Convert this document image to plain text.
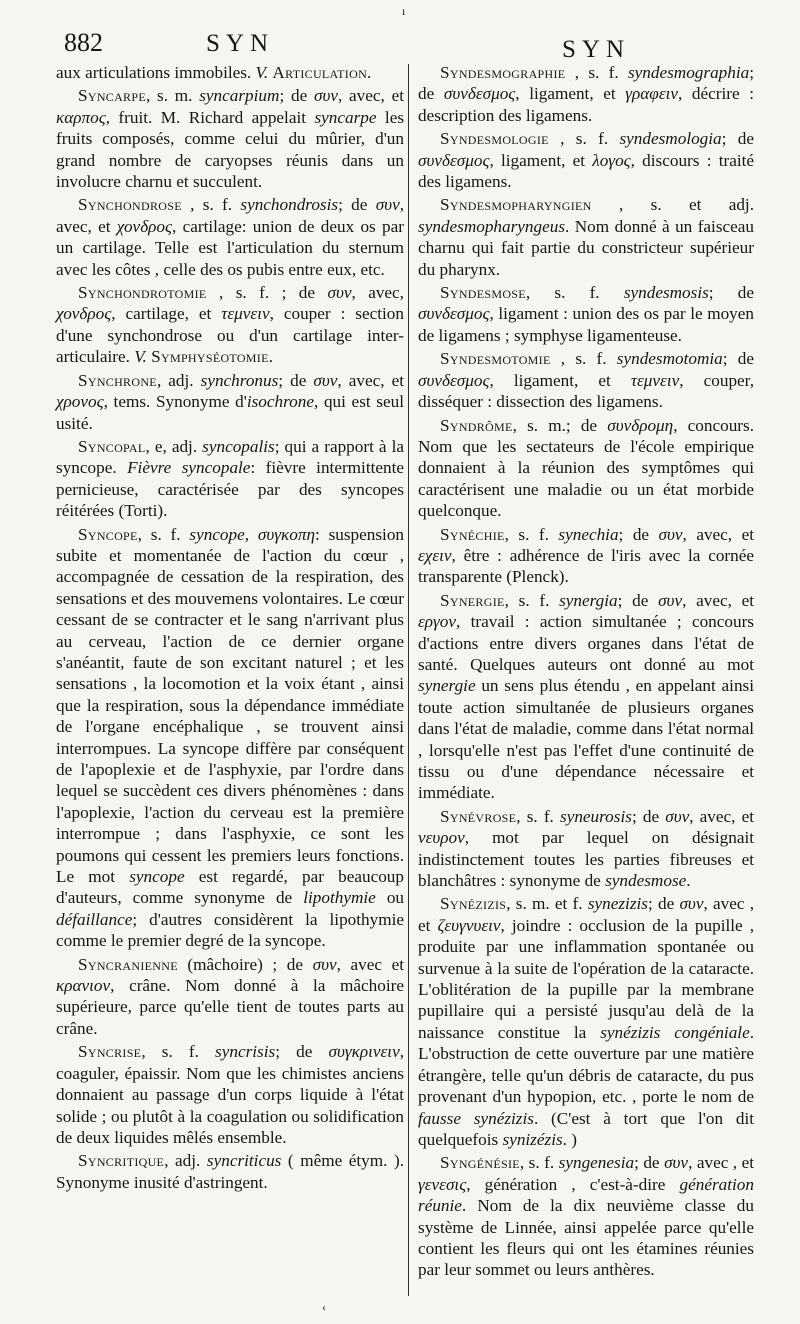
ı
882	SYN	SYN

aux articulations immobiles. V. Articulation.

Syncarpe, s. m. syncarpium; de συν, avec, et καρπος, fruit. M. Richard appelait syncarpe les fruits composés, comme celui du mûrier, d'un grand nombre de caryopses réunis dans un involucre charnu et succulent.

Synchondrose , s. f. synchondrosis; de συν, avec, et χονδρος, cartilage: union de deux os par un cartilage. Telle est l'articulation du sternum avec les côtes , celle des os pubis entre eux, etc.

Synchondrotomie , s. f. ; de συν, avec, χονδρος, cartilage, et τεμνειν, couper : section d'une synchondrose ou d'un cartilage inter-articulaire. V. Symphyséotomie.

Synchrone, adj. synchronus; de συν, avec, et χρονος, tems. Synonyme d'isochrone, qui est seul usité.

Syncopal, e, adj. syncopalis; qui a rapport à la syncope. Fièvre syncopale: fièvre intermittente pernicieuse, caractérisée par des syncopes réitérées (Torti).

Syncope, s. f. syncope, συγκοπη: suspension subite et momentanée de l'action du cœur , accompagnée de cessation de la respiration, des sensations et des mouvemens volontaires. Le cœur cessant de se contracter et le sang n'arrivant plus au cerveau, l'action de ce dernier organe s'anéantit, faute de son excitant naturel ; et les sensations , la locomotion et la voix étant , ainsi que la respiration, sous la dépendance immédiate de l'organe encéphalique , se trouvent ainsi interrompues. La syncope diffère par conséquent de l'apoplexie et de l'asphyxie, par l'ordre dans lequel se succèdent ces divers phénomènes : dans l'apoplexie, l'action du cerveau est la première interrompue ; dans l'asphyxie, ce sont les poumons qui cessent les premiers leurs fonctions. Le mot syncope est regardé, par beaucoup d'auteurs, comme synonyme de lipothymie ou défaillance; d'autres considèrent la lipothymie comme le premier degré de la syncope.

Syncranienne (mâchoire) ; de συν, avec et κρανιον, crâne. Nom donné à la mâchoire supérieure, parce qu'elle tient de toutes parts au crâne.

Syncrise, s. f. syncrisis; de συγκρινειν, coaguler, épaissir. Nom que les chimistes anciens donnaient au passage d'un corps liquide à l'état solide ; ou plutôt à la coagulation ou solidification de deux liquides mêlés ensemble.

Syncritique, adj. syncriticus ( même étym. ). Synonyme inusité d'astringent.

Syndesmographie , s. f. syndesmographia; de συνδεσμος, ligament, et γραφειν, décrire : description des ligamens.

Syndesmologie , s. f. syndesmologia; de συνδεσμος, ligament, et λογος, discours : traité des ligamens.

Syndesmopharyngien , s. et adj. syndesmopharyngeus. Nom donné à un faisceau charnu qui fait partie du constricteur supérieur du pharynx.

Syndesmose, s. f. syndesmosis; de συνδεσμος, ligament : union des os par le moyen de ligamens ; symphyse ligamenteuse.

Syndesmotomie , s. f. syndesmotomia; de συνδεσμος, ligament, et τεμνειν, couper, disséquer : dissection des ligamens.

Syndrôme, s. m.; de συνδρομη, concours. Nom que les sectateurs de l'école empirique donnaient à la réunion des symptômes qui caractérisent une maladie ou un état morbide quelconque.

Synéchie, s. f. synechia; de συν, avec, et εχειν, être : adhérence de l'iris avec la cornée transparente (Plenck).

Synergie, s. f. synergia; de συν, avec, et εργον, travail : action simultanée ; concours d'actions entre divers organes dans l'état de santé. Quelques auteurs ont donné au mot synergie un sens plus étendu , en appelant ainsi toute action simultanée de plusieurs organes dans l'état de maladie, comme dans l'état normal , lorsqu'elle n'est pas l'effet d'une continuité de tissu ou d'une dépendance nécessaire et immédiate.

Synévrose, s. f. syneurosis; de συν, avec, et νευρον, mot par lequel on désignait indistinctement toutes les parties fibreuses et blanchâtres : synonyme de syndesmose.

Synézizis, s. m. et f. synezizis; de συν, avec , et ζευγνυειν, joindre : occlusion de la pupille , produite par une inflammation spontanée ou survenue à la suite de l'opération de la cataracte. L'oblitération de la pupille par la membrane pupillaire qui a persisté jusqu'au delà de la naissance constitue la synézizis congéniale. L'obstruction de cette ouverture par une matière étrangère, telle qu'un débris de cataracte, du pus provenant d'un hypopion, etc. , porte le nom de fausse synézizis. (C'est à tort que l'on dit quelquefois synizézis. )

Syngénésie, s. f. syngenesia; de συν, avec , et γενεσις, génération , c'est-à-dire génération réunie. Nom de la dix neuvième classe du système de Linnée, ainsi appelée parce qu'elle contient les fleurs qui ont les étamines réunies par leur sommet ou leurs anthères.

‹
